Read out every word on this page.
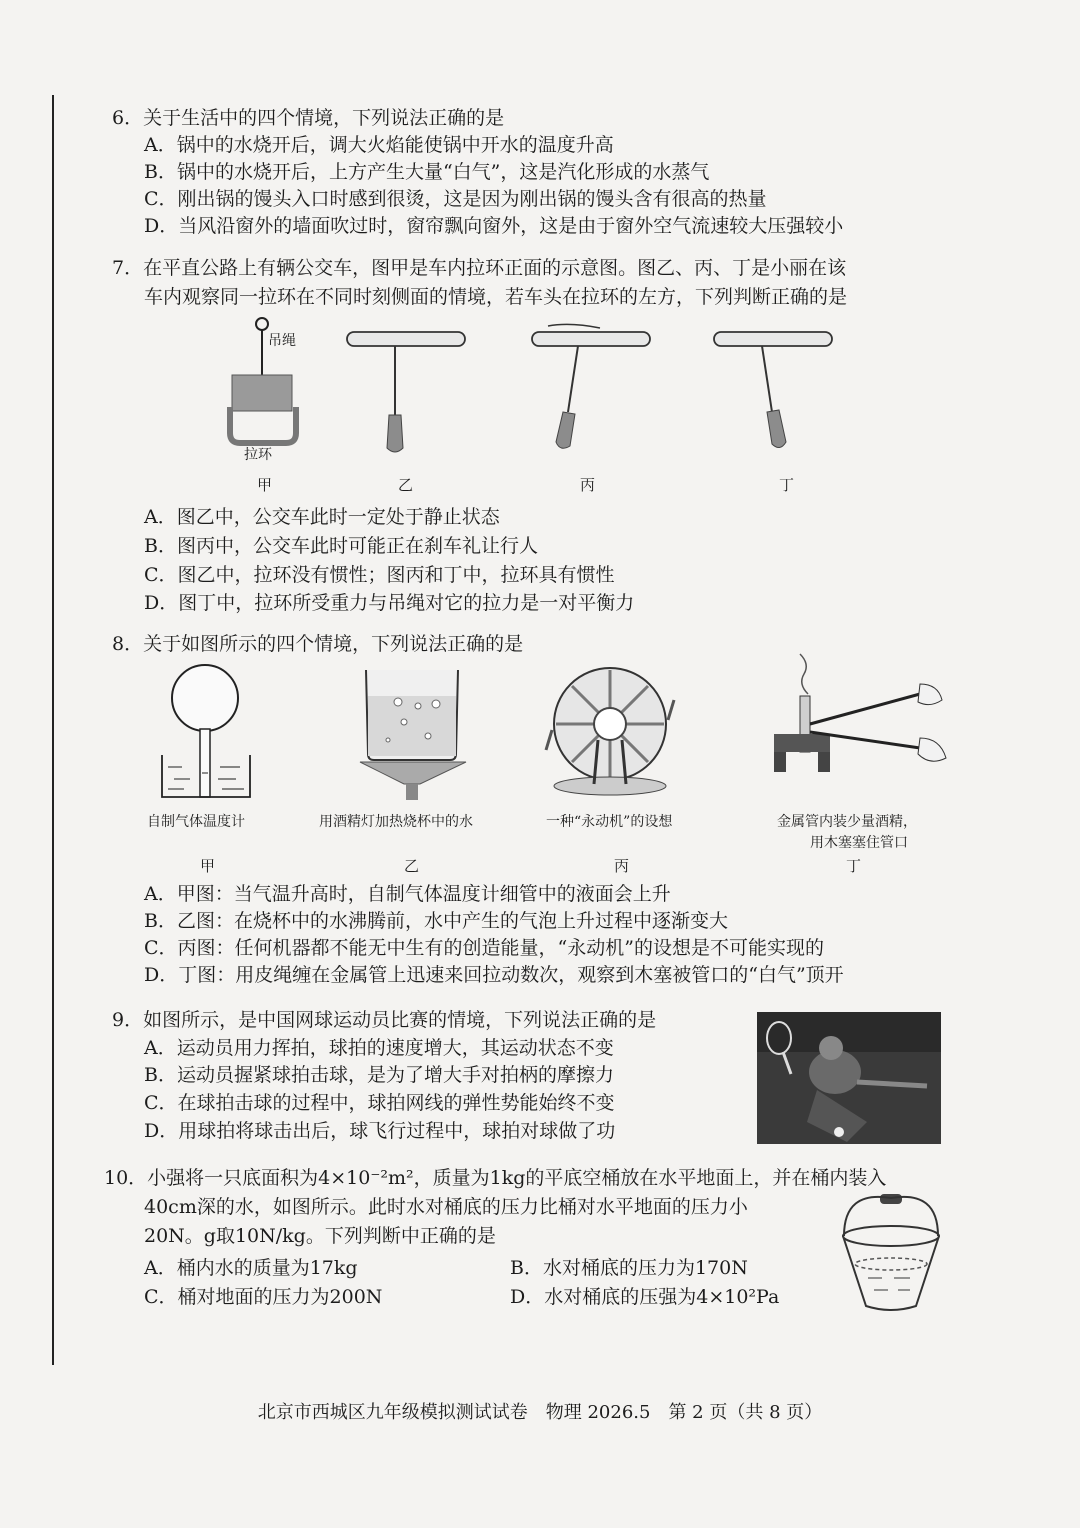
6．关于生活中的四个情境，下列说法正确的是
A．锅中的水烧开后，调大火焰能使锅中开水的温度升高
B．锅中的水烧开后，上方产生大量“白气”，这是汽化形成的水蒸气
C．刚出锅的馒头入口时感到很烫，这是因为刚出锅的馒头含有很高的热量
D．当风沿窗外的墙面吹过时，窗帘飘向窗外，这是由于窗外空气流速较大压强较小
7．在平直公路上有辆公交车，图甲是车内拉环正面的示意图。图乙、丙、丁是小丽在该
车内观察同一拉环在不同时刻侧面的情境，若车头在拉环的左方，下列判断正确的是
吊绳
拉环
甲	乙	丙	丁
A．图乙中，公交车此时一定处于静止状态
B．图丙中，公交车此时可能正在刹车礼让行人
C．图乙中，拉环没有惯性；图丙和丁中，拉环具有惯性
D．图丁中，拉环所受重力与吊绳对它的拉力是一对平衡力
8．关于如图所示的四个情境，下列说法正确的是
自制气体温度计	用酒精灯加热烧杯中的水	一种“永动机”的设想	金属管内装少量酒精，
用木塞塞住管口
甲	乙	丙	丁
A．甲图：当气温升高时，自制气体温度计细管中的液面会上升
B．乙图：在烧杯中的水沸腾前，水中产生的气泡上升过程中逐渐变大
C．丙图：任何机器都不能无中生有的创造能量，“永动机”的设想是不可能实现的
D．丁图：用皮绳缠在金属管上迅速来回拉动数次，观察到木塞被管口的“白气”顶开
9．如图所示，是中国网球运动员比赛的情境，下列说法正确的是
A．运动员用力挥拍，球拍的速度增大，其运动状态不变
B．运动员握紧球拍击球，是为了增大手对拍柄的摩擦力
C．在球拍击球的过程中，球拍网线的弹性势能始终不变
D．用球拍将球击出后，球飞行过程中，球拍对球做了功
10．小强将一只底面积为4×10⁻²m²，质量为1kg的平底空桶放在水平地面上，并在桶内装入
40cm深的水，如图所示。此时水对桶底的压力比桶对水平地面的压力小
20N。g取10N/kg。下列判断中正确的是
A．桶内水的质量为17kg	B．水对桶底的压力为170N
C．桶对地面的压力为200N	D．水对桶底的压强为4×10²Pa
北京市西城区九年级模拟测试试卷　物理 2026.5　第 2 页（共 8 页）
